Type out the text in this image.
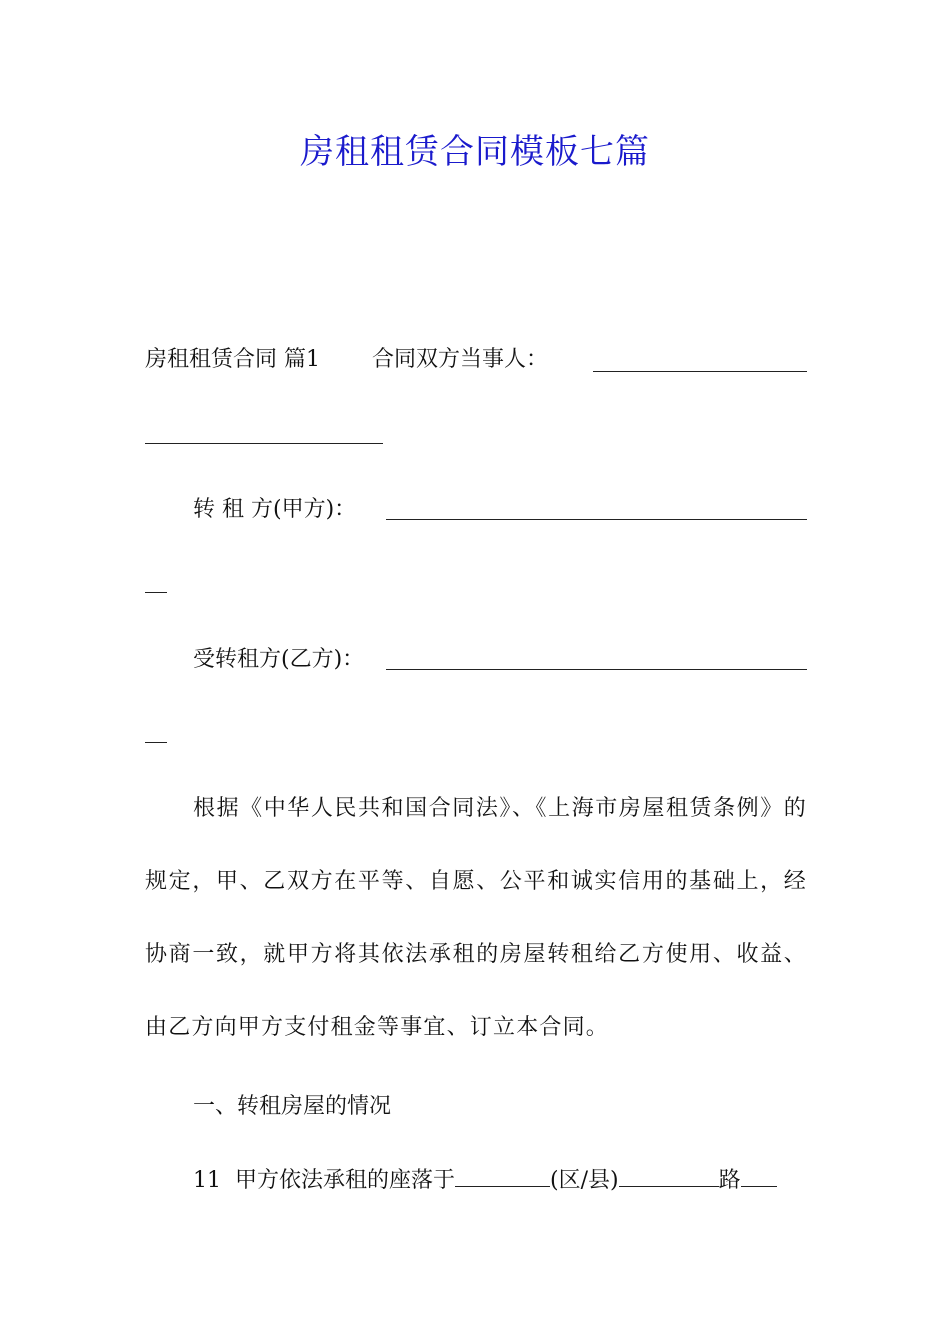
房租租赁合同模板七篇
房租租赁合同 篇1 合同双方当事人：
转 租 方(甲方)：
受转租方(乙方)：
根据《中华人民共和国合同法》、《上海市房屋租赁条例》的规定，甲、乙双方在平等、自愿、公平和诚实信用的基础上，经协商一致，就甲方将其依法承租的房屋转租给乙方使用、收益、由乙方向甲方支付租金等事宜、订立本合同。
一、转租房屋的情况
11 甲方依法承租的座落于	(区/县)	路
